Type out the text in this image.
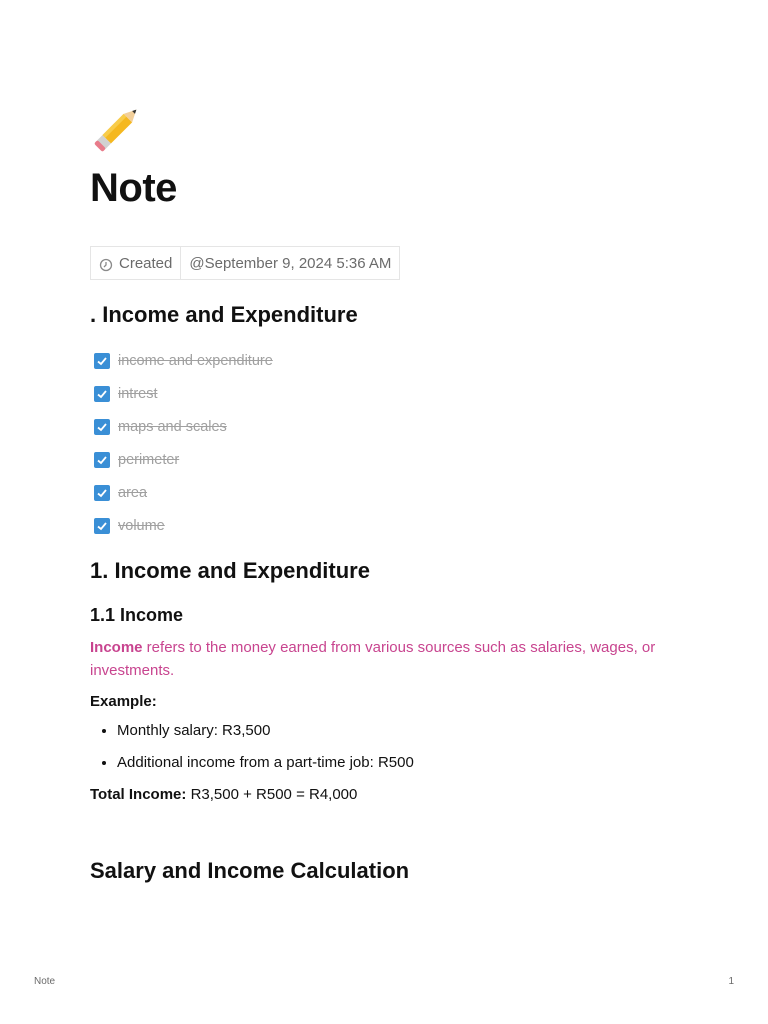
Note
Created	@September 9, 2024 5:36 AM
. Income and Expenditure
income and expenditure
intrest
maps and scales
perimeter
area
volume
1. Income and Expenditure
1.1 Income

Income refers to the money earned from various sources such as salaries, wages, or investments.

Example:
• Monthly salary: R3,500
• Additional income from a part-time job: R500
Total Income: R3,500 + R500 = R4,000
Salary and Income Calculation
Note	1
